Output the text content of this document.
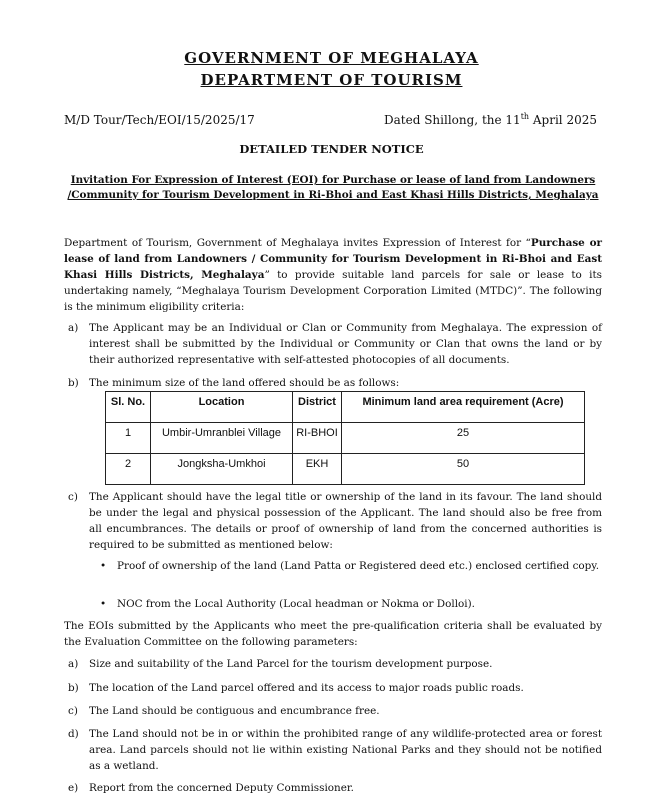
GOVERNMENT OF MEGHALAYA
DEPARTMENT OF TOURISM
M/D Tour/Tech/EOI/15/2025/17	Dated Shillong, the 11th April 2025
DETAILED TENDER NOTICE
Invitation For Expression of Interest (EOI) for Purchase or lease of land from Landowners /Community for Tourism Development in Ri-Bhoi and East Khasi Hills Districts, Meghalaya
Department of Tourism, Government of Meghalaya invites Expression of Interest for “Purchase or lease of land from Landowners / Community for Tourism Development in Ri-Bhoi and East Khasi Hills Districts, Meghalaya” to provide suitable land parcels for sale or lease to its undertaking namely, “Meghalaya Tourism Development Corporation Limited (MTDC)”. The following is the minimum eligibility criteria:
a) The Applicant may be an Individual or Clan or Community from Meghalaya. The expression of interest shall be submitted by the Individual or Community or Clan that owns the land or by their authorized representative with self-attested photocopies of all documents.
b) The minimum size of the land offered should be as follows:
Sl. No.	Location	District	Minimum land area requirement (Acre)
1	Umbir-Umranblei Village	RI-BHOI	25
2	Jongksha-Umkhoi	EKH	50
c) The Applicant should have the legal title or ownership of the land in its favour. The land should be under the legal and physical possession of the Applicant. The land should also be free from all encumbrances. The details or proof of ownership of land from the concerned authorities is required to be submitted as mentioned below:
• Proof of ownership of the land (Land Patta or Registered deed etc.) enclosed certified copy.
• NOC from the Local Authority (Local headman or Nokma or Dolloi).
The EOIs submitted by the Applicants who meet the pre-qualification criteria shall be evaluated by the Evaluation Committee on the following parameters:
a) Size and suitability of the Land Parcel for the tourism development purpose.
b) The location of the Land parcel offered and its access to major roads public roads.
c) The Land should be contiguous and encumbrance free.
d) The Land should not be in or within the prohibited range of any wildlife-protected area or forest area. Land parcels should not lie within existing National Parks and they should not be notified as a wetland.
e) Report from the concerned Deputy Commissioner.
